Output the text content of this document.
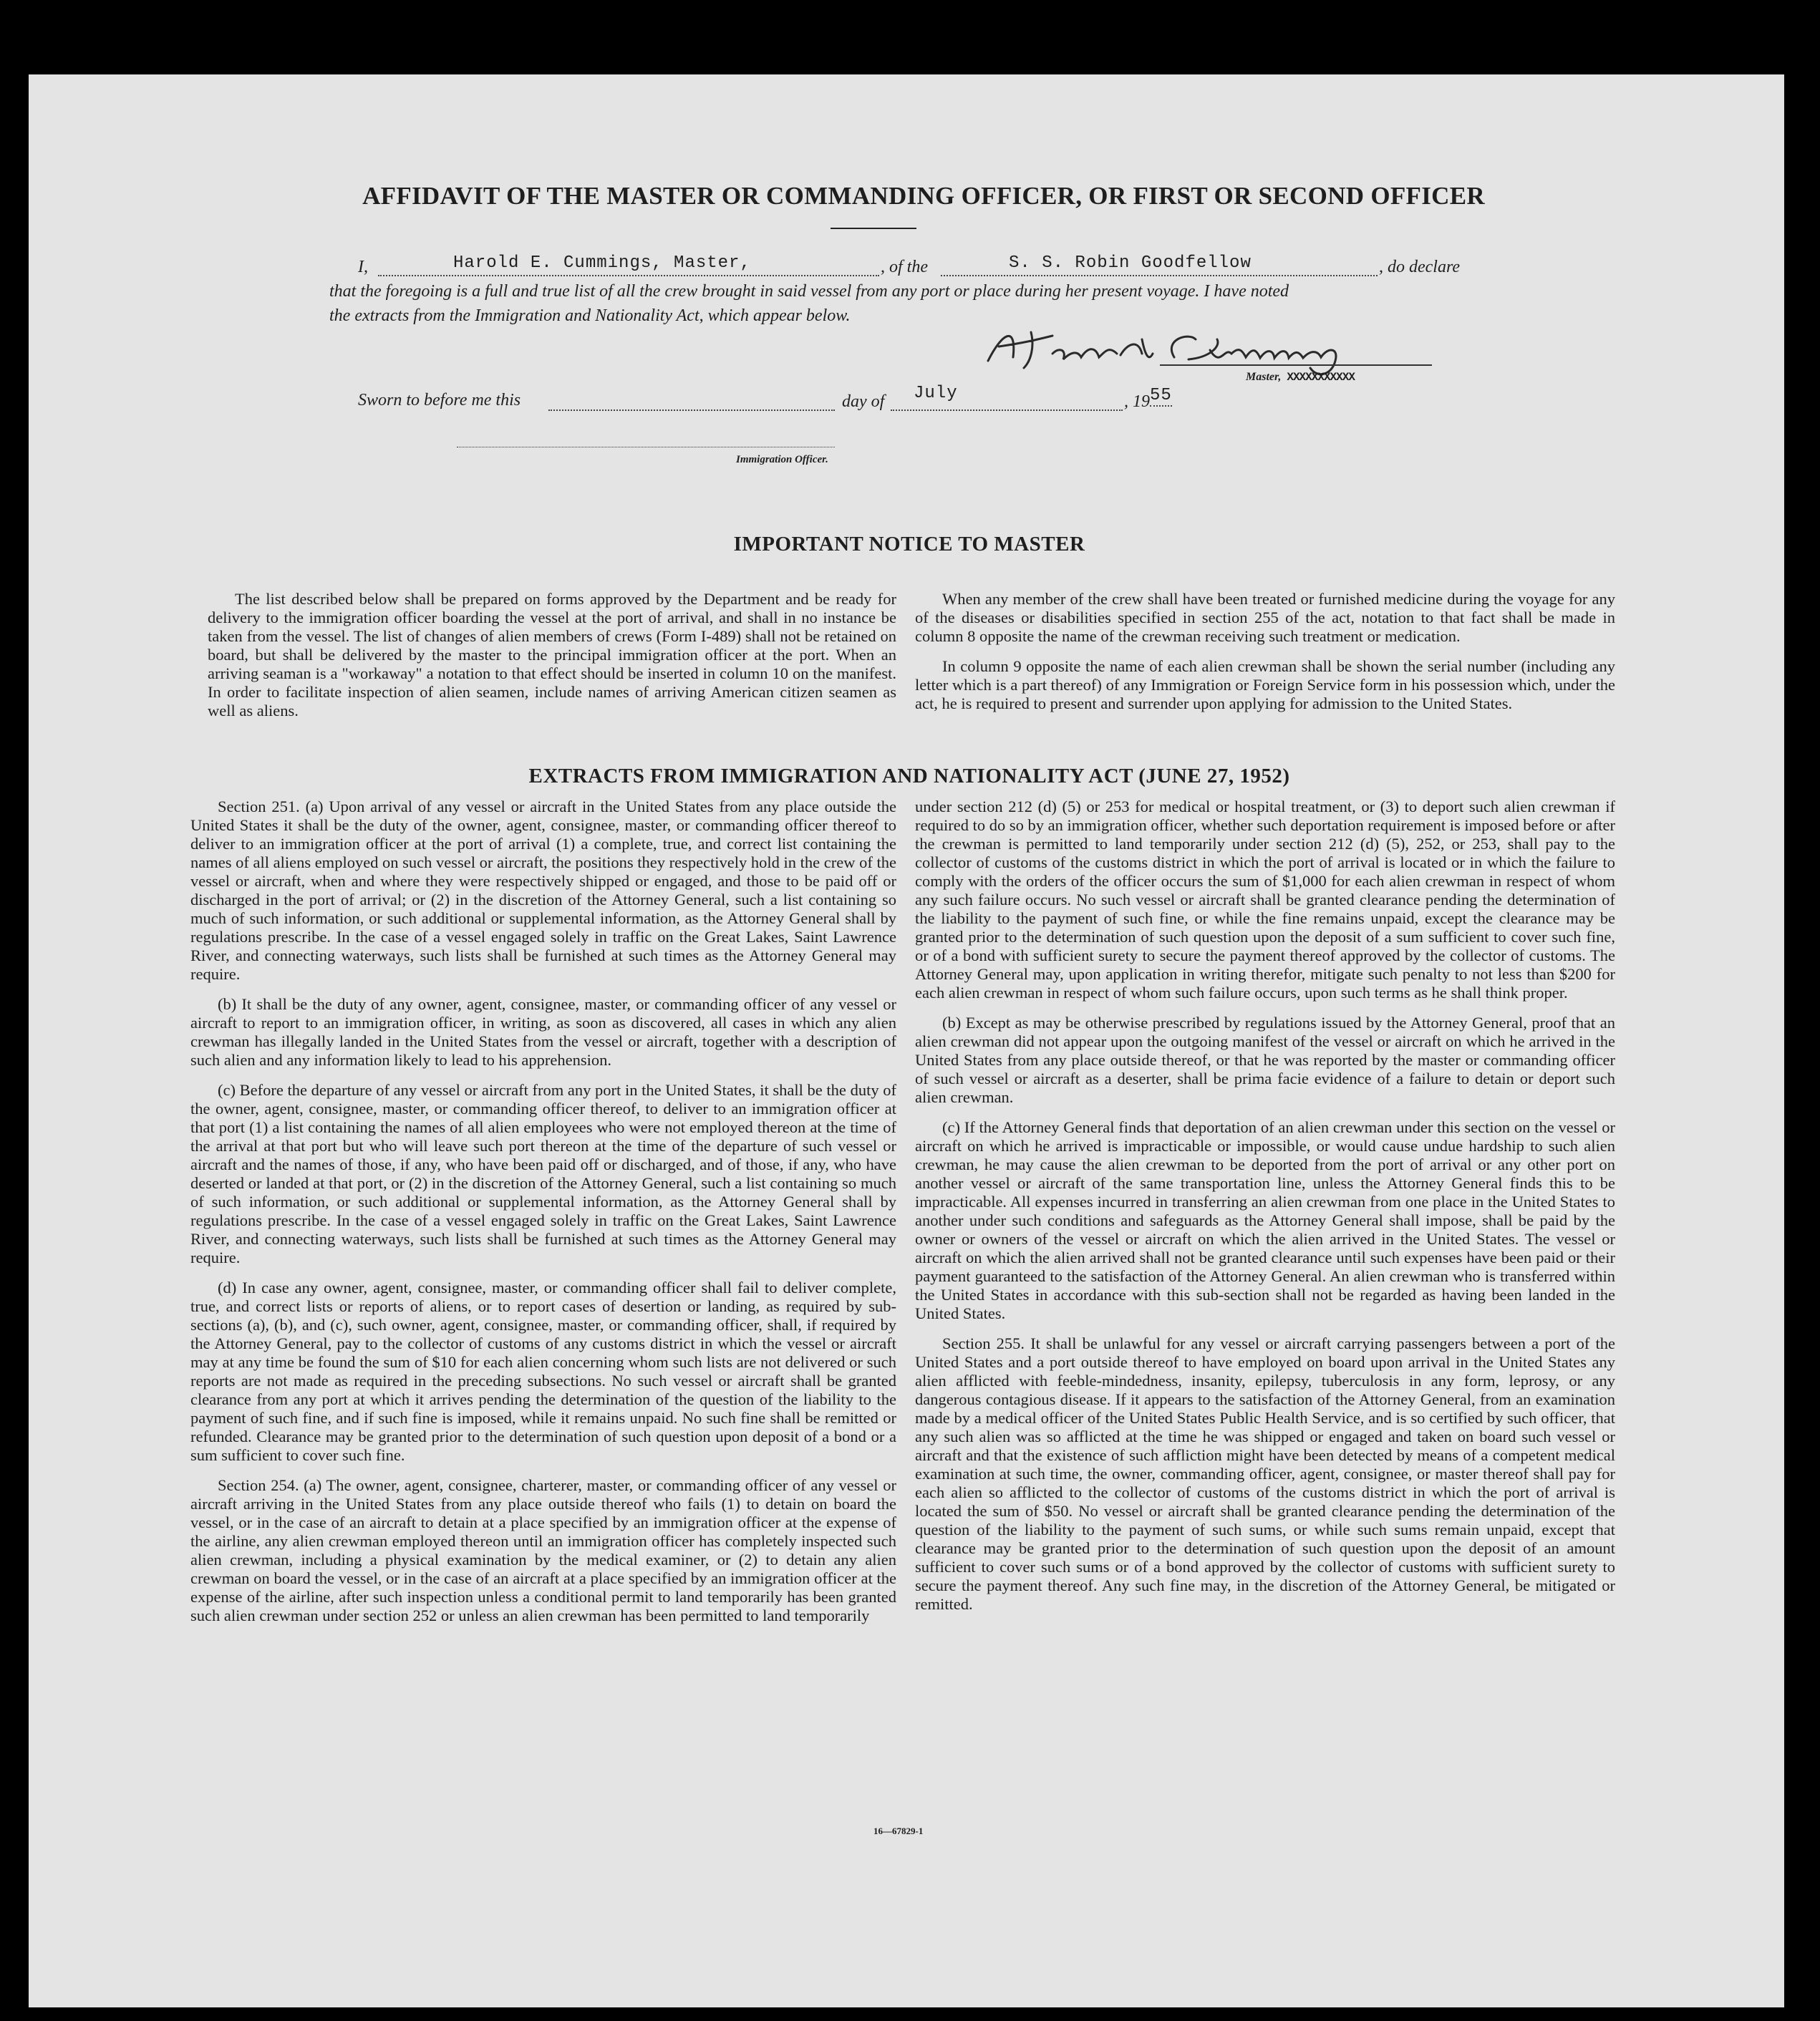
AFFIDAVIT OF THE MASTER OR COMMANDING OFFICER, OR FIRST OR SECOND OFFICER
I,	Harold E. Cummings, Master,	, of the	S. S. Robin Goodfellow	, do declare
that the foregoing is a full and true list of all the crew brought in said vessel from any port or place during her present voyage. I have noted
the extracts from the Immigration and Nationality Act, which appear below.
Master, XXXXXXXXXXX
Sworn to before me this	day of July	, 1955
Immigration Officer.
IMPORTANT NOTICE TO MASTER

The list described below shall be prepared on forms approved by the Department and be ready for delivery to the immigration officer boarding the vessel at the port of arrival, and shall in no instance be taken from the vessel. The list of changes of alien members of crews (Form I-489) shall not be retained on board, but shall be delivered by the master to the principal immigration officer at the port. When an arriving seaman is a "workaway" a notation to that effect should be inserted in column 10 on the manifest. In order to facilitate inspection of alien seamen, include names of arriving American citizen seamen as well as aliens.

When any member of the crew shall have been treated or furnished medicine during the voyage for any of the diseases or disabilities specified in section 255 of the act, notation to that fact shall be made in column 8 opposite the name of the crewman receiving such treatment or medication.

In column 9 opposite the name of each alien crewman shall be shown the serial number (including any letter which is a part thereof) of any Immigration or Foreign Service form in his possession which, under the act, he is required to present and surrender upon applying for admission to the United States.

EXTRACTS FROM IMMIGRATION AND NATIONALITY ACT (JUNE 27, 1952)

Section 251. (a) Upon arrival of any vessel or aircraft in the United States from any place outside the United States it shall be the duty of the owner, agent, consignee, master, or commanding officer thereof to deliver to an immigration officer at the port of arrival (1) a complete, true, and correct list containing the names of all aliens employed on such vessel or aircraft, the positions they respectively hold in the crew of the vessel or aircraft, when and where they were respectively shipped or engaged, and those to be paid off or discharged in the port of arrival; or (2) in the discretion of the Attorney General, such a list containing so much of such information, or such additional or supplemental information, as the Attorney General shall by regulations prescribe. In the case of a vessel engaged solely in traffic on the Great Lakes, Saint Lawrence River, and connecting waterways, such lists shall be furnished at such times as the Attorney General may require.

(b) It shall be the duty of any owner, agent, consignee, master, or commanding officer of any vessel or aircraft to report to an immigration officer, in writing, as soon as discovered, all cases in which any alien crewman has illegally landed in the United States from the vessel or aircraft, together with a description of such alien and any information likely to lead to his apprehension.

(c) Before the departure of any vessel or aircraft from any port in the United States, it shall be the duty of the owner, agent, consignee, master, or commanding officer thereof, to deliver to an immigration officer at that port (1) a list containing the names of all alien employees who were not employed thereon at the time of the arrival at that port but who will leave such port thereon at the time of the departure of such vessel or aircraft and the names of those, if any, who have been paid off or discharged, and of those, if any, who have deserted or landed at that port, or (2) in the discretion of the Attorney General, such a list containing so much of such information, or such additional or supplemental information, as the Attorney General shall by regulations prescribe. In the case of a vessel engaged solely in traffic on the Great Lakes, Saint Lawrence River, and connecting waterways, such lists shall be furnished at such times as the Attorney General may require.

(d) In case any owner, agent, consignee, master, or commanding officer shall fail to deliver complete, true, and correct lists or reports of aliens, or to report cases of desertion or landing, as required by sub-sections (a), (b), and (c), such owner, agent, consignee, master, or commanding officer, shall, if required by the Attorney General, pay to the collector of customs of any customs district in which the vessel or aircraft may at any time be found the sum of $10 for each alien concerning whom such lists are not delivered or such reports are not made as required in the preceding subsections. No such vessel or aircraft shall be granted clearance from any port at which it arrives pending the determination of the question of the liability to the payment of such fine, and if such fine is imposed, while it remains unpaid. No such fine shall be remitted or refunded. Clearance may be granted prior to the determination of such question upon deposit of a bond or a sum sufficient to cover such fine.

Section 254. (a) The owner, agent, consignee, charterer, master, or commanding officer of any vessel or aircraft arriving in the United States from any place outside thereof who fails (1) to detain on board the vessel, or in the case of an aircraft to detain at a place specified by an immigration officer at the expense of the airline, any alien crewman employed thereon until an immigration officer has completely inspected such alien crewman, including a physical examination by the medical examiner, or (2) to detain any alien crewman on board the vessel, or in the case of an aircraft at a place specified by an immigration officer at the expense of the airline, after such inspection unless a conditional permit to land temporarily has been granted such alien crewman under section 252 or unless an alien crewman has been permitted to land temporarily

under section 212 (d) (5) or 253 for medical or hospital treatment, or (3) to deport such alien crewman if required to do so by an immigration officer, whether such deportation requirement is imposed before or after the crewman is permitted to land temporarily under section 212 (d) (5), 252, or 253, shall pay to the collector of customs of the customs district in which the port of arrival is located or in which the failure to comply with the orders of the officer occurs the sum of $1,000 for each alien crewman in respect of whom any such failure occurs. No such vessel or aircraft shall be granted clearance pending the determination of the liability to the payment of such fine, or while the fine remains unpaid, except the clearance may be granted prior to the determination of such question upon the deposit of a sum sufficient to cover such fine, or of a bond with sufficient surety to secure the payment thereof approved by the collector of customs. The Attorney General may, upon application in writing therefor, mitigate such penalty to not less than $200 for each alien crewman in respect of whom such failure occurs, upon such terms as he shall think proper.

(b) Except as may be otherwise prescribed by regulations issued by the Attorney General, proof that an alien crewman did not appear upon the outgoing manifest of the vessel or aircraft on which he arrived in the United States from any place outside thereof, or that he was reported by the master or commanding officer of such vessel or aircraft as a deserter, shall be prima facie evidence of a failure to detain or deport such alien crewman.

(c) If the Attorney General finds that deportation of an alien crewman under this section on the vessel or aircraft on which he arrived is impracticable or impossible, or would cause undue hardship to such alien crewman, he may cause the alien crewman to be deported from the port of arrival or any other port on another vessel or aircraft of the same transportation line, unless the Attorney General finds this to be impracticable. All expenses incurred in transferring an alien crewman from one place in the United States to another under such conditions and safeguards as the Attorney General shall impose, shall be paid by the owner or owners of the vessel or aircraft on which the alien arrived in the United States. The vessel or aircraft on which the alien arrived shall not be granted clearance until such expenses have been paid or their payment guaranteed to the satisfaction of the Attorney General. An alien crewman who is transferred within the United States in accordance with this sub-section shall not be regarded as having been landed in the United States.

Section 255. It shall be unlawful for any vessel or aircraft carrying passengers between a port of the United States and a port outside thereof to have employed on board upon arrival in the United States any alien afflicted with feeble-mindedness, insanity, epilepsy, tuberculosis in any form, leprosy, or any dangerous contagious disease. If it appears to the satisfaction of the Attorney General, from an examination made by a medical officer of the United States Public Health Service, and is so certified by such officer, that any such alien was so afflicted at the time he was shipped or engaged and taken on board such vessel or aircraft and that the existence of such affliction might have been detected by means of a competent medical examination at such time, the owner, commanding officer, agent, consignee, or master thereof shall pay for each alien so afflicted to the collector of customs of the customs district in which the port of arrival is located the sum of $50. No vessel or aircraft shall be granted clearance pending the determination of the question of the liability to the payment of such sums, or while such sums remain unpaid, except that clearance may be granted prior to the determination of such question upon the deposit of an amount sufficient to cover such sums or of a bond approved by the collector of customs with sufficient surety to secure the payment thereof. Any such fine may, in the discretion of the Attorney General, be mitigated or remitted.

16—67829-1
